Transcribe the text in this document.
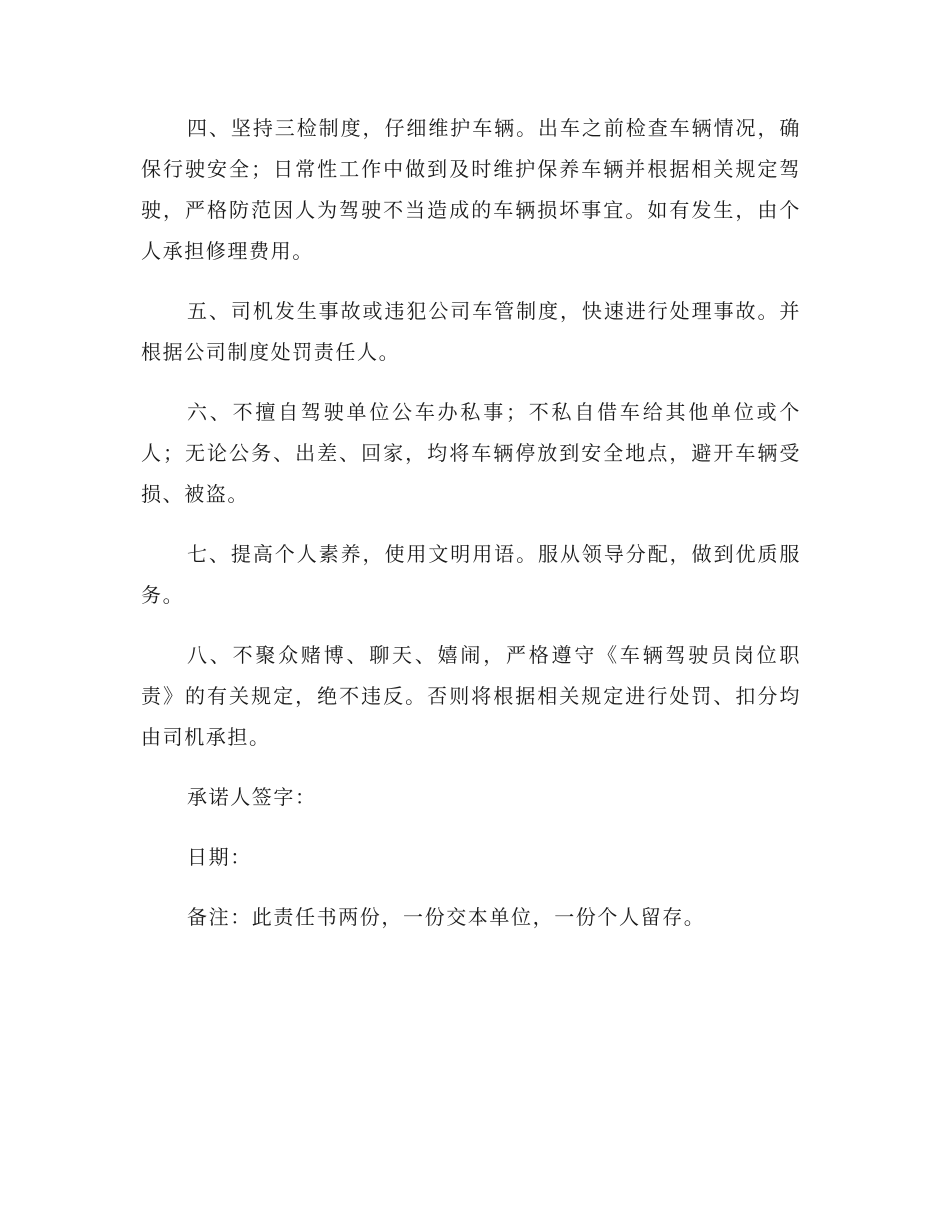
四、坚持三检制度，仔细维护车辆。出车之前检查车辆情况，确保行驶安全；日常性工作中做到及时维护保养车辆并根据相关规定驾驶，严格防范因人为驾驶不当造成的车辆损坏事宜。如有发生，由个人承担修理费用。

五、司机发生事故或违犯公司车管制度，快速进行处理事故。并根据公司制度处罚责任人。

六、不擅自驾驶单位公车办私事；不私自借车给其他单位或个人；无论公务、出差、回家，均将车辆停放到安全地点，避开车辆受损、被盗。

七、提高个人素养，使用文明用语。服从领导分配，做到优质服务。

八、不聚众赌博、聊天、嬉闹，严格遵守《车辆驾驶员岗位职责》的有关规定，绝不违反。否则将根据相关规定进行处罚、扣分均由司机承担。

承诺人签字：

日期：

备注：此责任书两份，一份交本单位，一份个人留存。
